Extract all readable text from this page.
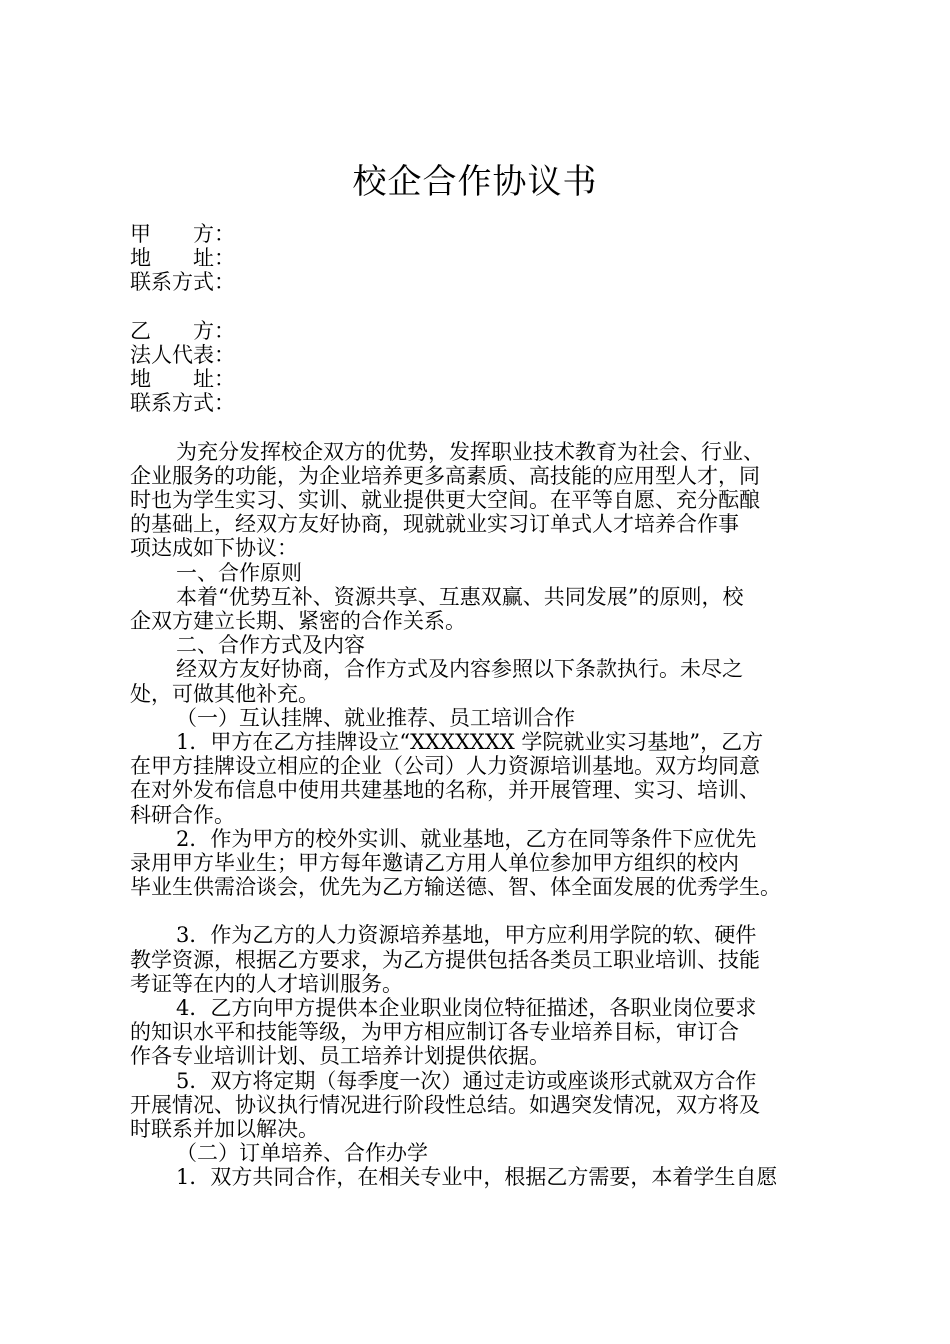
校企合作协议书
甲　　方：
地　　址：
联系方式：
乙　　方：
法人代表：
地　　址：
联系方式：
为充分发挥校企双方的优势，发挥职业技术教育为社会、行业、
企业服务的功能，为企业培养更多高素质、高技能的应用型人才，同
时也为学生实习、实训、就业提供更大空间。在平等自愿、充分酝酿
的基础上，经双方友好协商，现就就业实习订单式人才培养合作事
项达成如下协议：
一、合作原则
本着“优势互补、资源共享、互惠双赢、共同发展”的原则，校
企双方建立长期、紧密的合作关系。
二、合作方式及内容
经双方友好协商，合作方式及内容参照以下条款执行。未尽之
处，可做其他补充。
（一）互认挂牌、就业推荐、员工培训合作
1．甲方在乙方挂牌设立“XXXXXXX 学院就业实习基地”，乙方
在甲方挂牌设立相应的企业（公司）人力资源培训基地。双方均同意
在对外发布信息中使用共建基地的名称，并开展管理、实习、培训、
科研合作。
2．作为甲方的校外实训、就业基地，乙方在同等条件下应优先
录用甲方毕业生；甲方每年邀请乙方用人单位参加甲方组织的校内
毕业生供需洽谈会，优先为乙方输送德、智、体全面发展的优秀学生。
3．作为乙方的人力资源培养基地，甲方应利用学院的软、硬件
教学资源，根据乙方要求，为乙方提供包括各类员工职业培训、技能
考证等在内的人才培训服务。
4．乙方向甲方提供本企业职业岗位特征描述，各职业岗位要求
的知识水平和技能等级，为甲方相应制订各专业培养目标，审订合
作各专业培训计划、员工培养计划提供依据。
5．双方将定期（每季度一次）通过走访或座谈形式就双方合作
开展情况、协议执行情况进行阶段性总结。如遇突发情况，双方将及
时联系并加以解决。
（二）订单培养、合作办学
1．双方共同合作，在相关专业中，根据乙方需要，本着学生自愿
